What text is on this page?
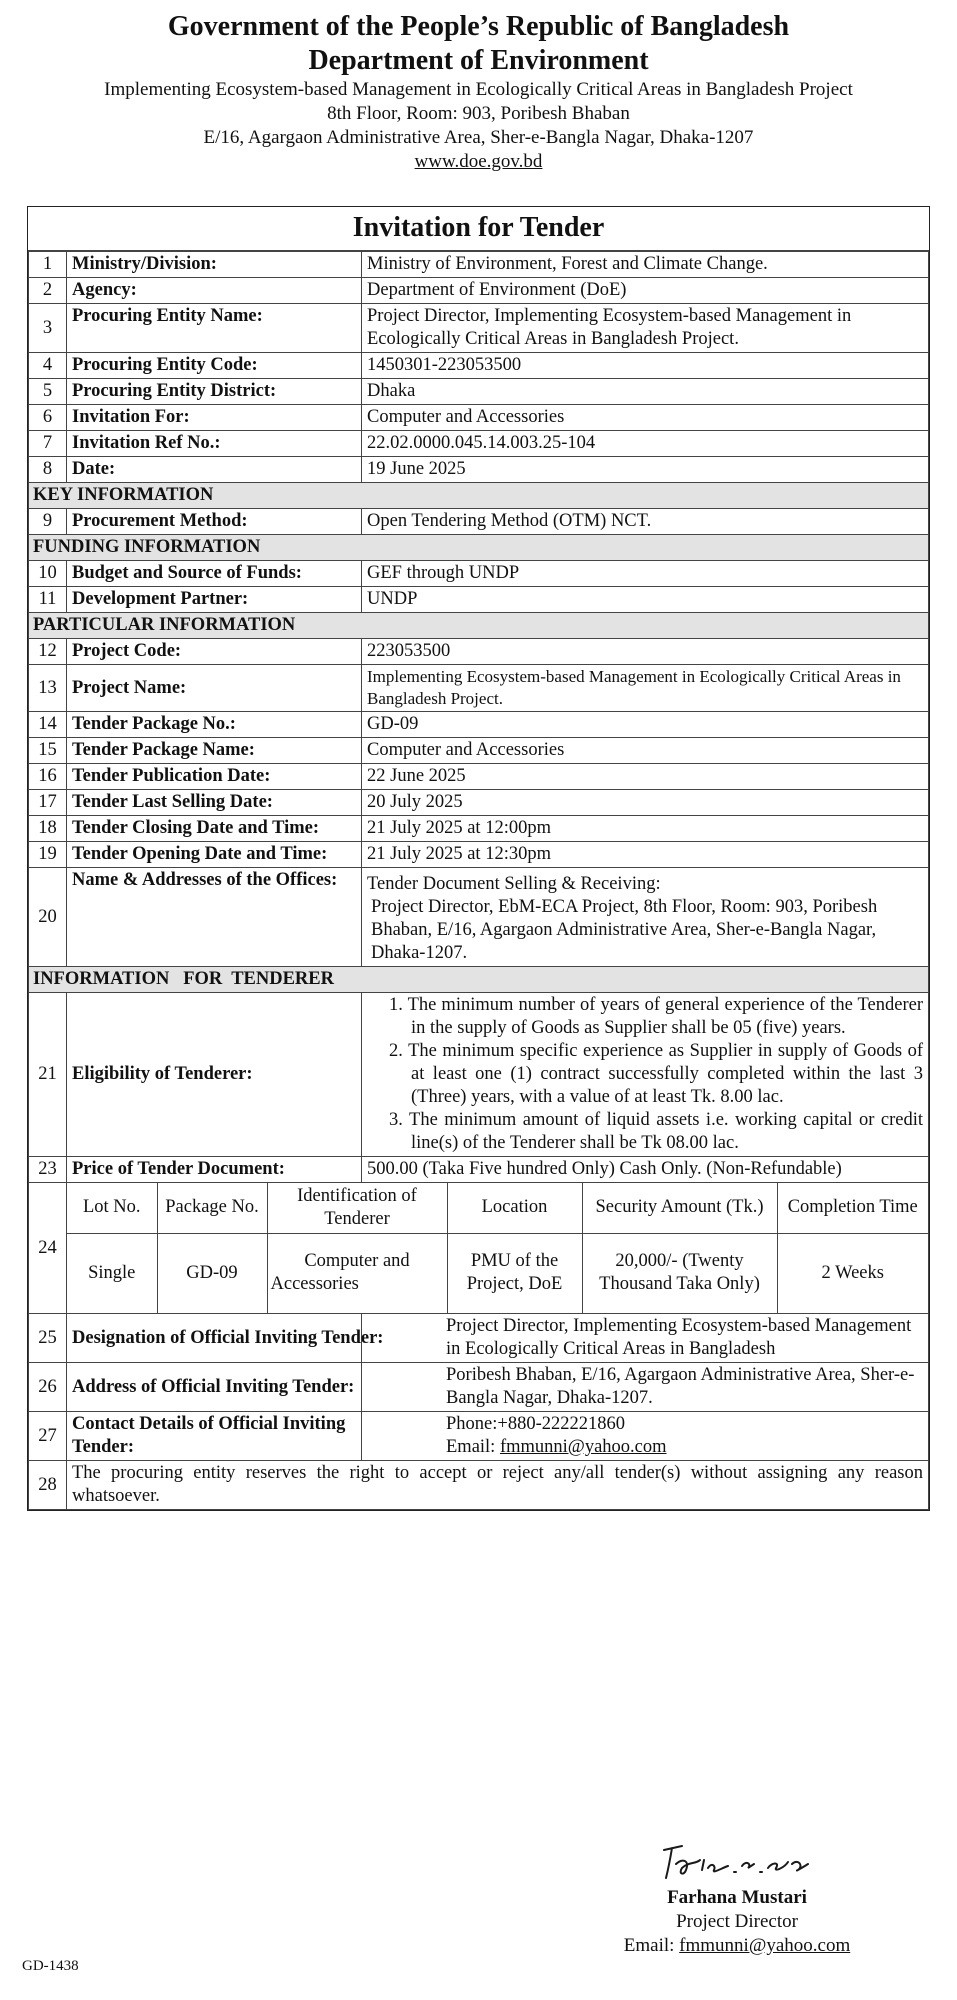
Government of the People’s Republic of Bangladesh
Department of Environment
Implementing Ecosystem-based Management in Ecologically Critical Areas in Bangladesh Project
8th Floor, Room: 903, Poribesh Bhaban
E/16, Agargaon Administrative Area, Sher-e-Bangla Nagar, Dhaka-1207
www.doe.gov.bd
Invitation for Tender
1	Ministry/Division:	Ministry of Environment, Forest and Climate Change.
2	Agency:	Department of Environment (DoE)
3	Procuring Entity Name:	Project Director, Implementing Ecosystem-based Management in Ecologically Critical Areas in Bangladesh Project.
4	Procuring Entity Code:	1450301-223053500
5	Procuring Entity District:	Dhaka
6	Invitation For:	Computer and Accessories
7	Invitation Ref No.:	22.02.0000.045.14.003.25-104
8	Date:	19 June 2025
KEY INFORMATION
9	Procurement Method:	Open Tendering Method (OTM) NCT.
FUNDING INFORMATION
10	Budget and Source of Funds:	GEF through UNDP
11	Development Partner:	UNDP
PARTICULAR INFORMATION
12	Project Code:	223053500
13	Project Name:	Implementing Ecosystem-based Management in Ecologically Critical Areas in Bangladesh Project.
14	Tender Package No.:	GD-09
15	Tender Package Name:	Computer and Accessories
16	Tender Publication Date:	22 June 2025
17	Tender Last Selling Date:	20 July 2025
18	Tender Closing Date and Time:	21 July 2025 at 12:00pm
19	Tender Opening Date and Time:	21 July 2025 at 12:30pm
20	Name & Addresses of the Offices:	Tender Document Selling & Receiving:
Project Director, EbM-ECA Project, 8th Floor, Room: 903, Poribesh Bhaban, E/16, Agargaon Administrative Area, Sher-e-Bangla Nagar, Dhaka-1207.

INFORMATION   FOR  TENDERER
21	Eligibility of Tenderer:	

1. The minimum number of years of general experience of the Tenderer in the supply of Goods as Supplier shall be 05 (five) years.

2. The minimum specific experience as Supplier in supply of Goods of at least one (1) contract successfully completed within the last 3 (Three) years, with a value of at least Tk. 8.00 lac.

3. The minimum amount of liquid assets i.e. working capital or credit line(s) of the Tenderer shall be Tk 08.00 lac.

23	Price of Tender Document:	500.00 (Taka Five hundred Only) Cash Only. (Non-Refundable)
24	
Lot No.	Package No.	Identification of Tenderer	Location	Security Amount (Tk.)	Completion Time
Single	GD-09	Computer and Accessories	PMU of the Project, DoE	20,000/- (Twenty Thousand Taka Only)	2 Weeks

25	Designation of Official Inviting Tender:	Project Director, Implementing Ecosystem-based Management in Ecologically Critical Areas in Bangladesh
26	Address of Official Inviting Tender:	Poribesh Bhaban, E/16, Agargaon Administrative Area, Sher-e-Bangla Nagar, Dhaka-1207.
27	Contact Details of Official Inviting Tender:	
Phone:+880-222221860
Email: fmmunni@yahoo.com

28	The procuring entity reserves the right to accept or reject any/all tender(s) without assigning any reason whatsoever.
Farhana Mustari
Project Director
Email: fmmunni@yahoo.com
GD-1438
